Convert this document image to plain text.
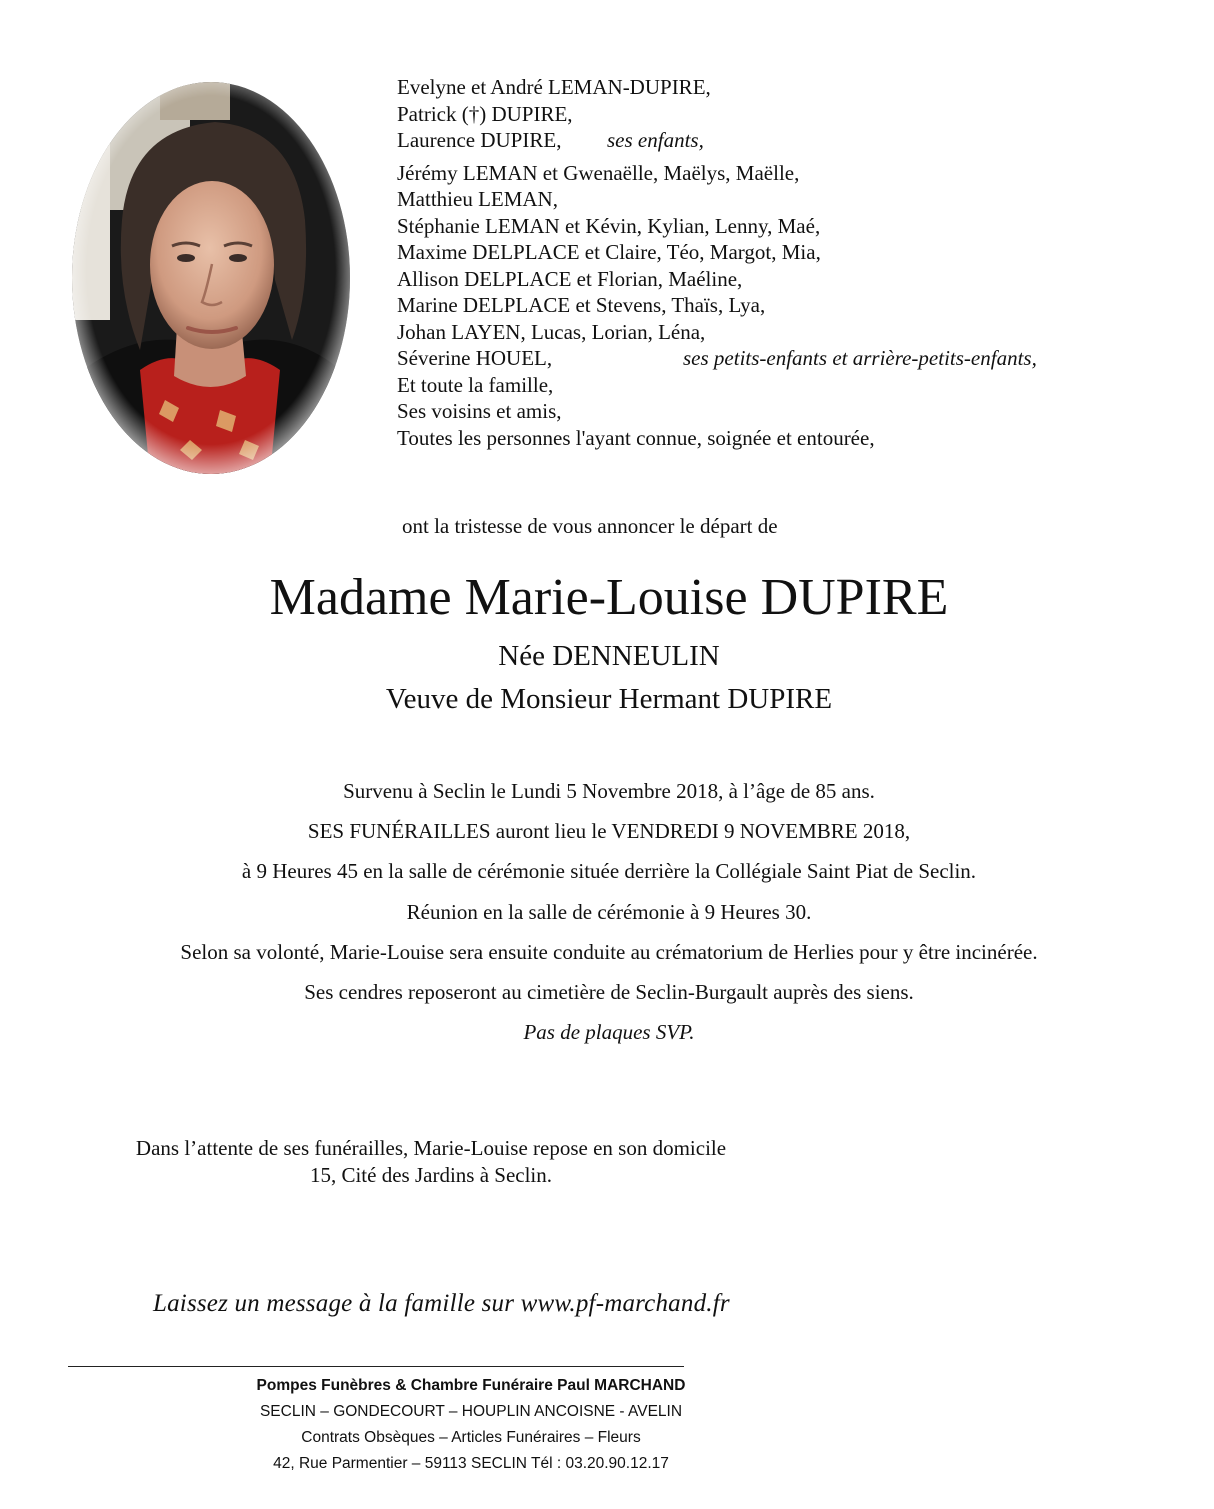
Evelyne et André LEMAN-DUPIRE,
Patrick (†) DUPIRE,
Laurence DUPIRE, ses enfants,
Jérémy LEMAN et Gwenaëlle, Maëlys, Maëlle,
Matthieu LEMAN,
Stéphanie LEMAN et Kévin, Kylian, Lenny, Maé,
Maxime DELPLACE et Claire, Téo, Margot, Mia,
Allison DELPLACE et Florian, Maéline,
Marine DELPLACE et Stevens, Thaïs, Lya,
Johan LAYEN, Lucas, Lorian, Léna,
Séverine HOUEL,	ses petits-enfants et arrière-petits-enfants,
Et toute la famille,
Ses voisins et amis,
Toutes les personnes l'ayant connue, soignée et entourée,
ont la tristesse de vous annoncer le départ de
Madame Marie-Louise DUPIRE
Née DENNEULIN
Veuve de Monsieur Hermant DUPIRE
Survenu à Seclin le Lundi 5 Novembre 2018, à l’âge de 85 ans.
SES FUNÉRAILLES auront lieu le VENDREDI 9 NOVEMBRE 2018,
à 9 Heures 45 en la salle de cérémonie située derrière la Collégiale Saint Piat de Seclin.
Réunion en la salle de cérémonie à 9 Heures 30.
Selon sa volonté, Marie-Louise sera ensuite conduite au crématorium de Herlies pour y être incinérée.
Ses cendres reposeront au cimetière de Seclin-Burgault auprès des siens.
Pas de plaques SVP.
Dans l’attente de ses funérailles, Marie-Louise repose en son domicile
15, Cité des Jardins à Seclin.
Laissez un message à la famille sur www.pf-marchand.fr
Pompes Funèbres & Chambre Funéraire Paul MARCHAND
SECLIN – GONDECOURT – HOUPLIN ANCOISNE - AVELIN
Contrats Obsèques – Articles Funéraires – Fleurs
42, Rue Parmentier – 59113 SECLIN Tél : 03.20.90.12.17
